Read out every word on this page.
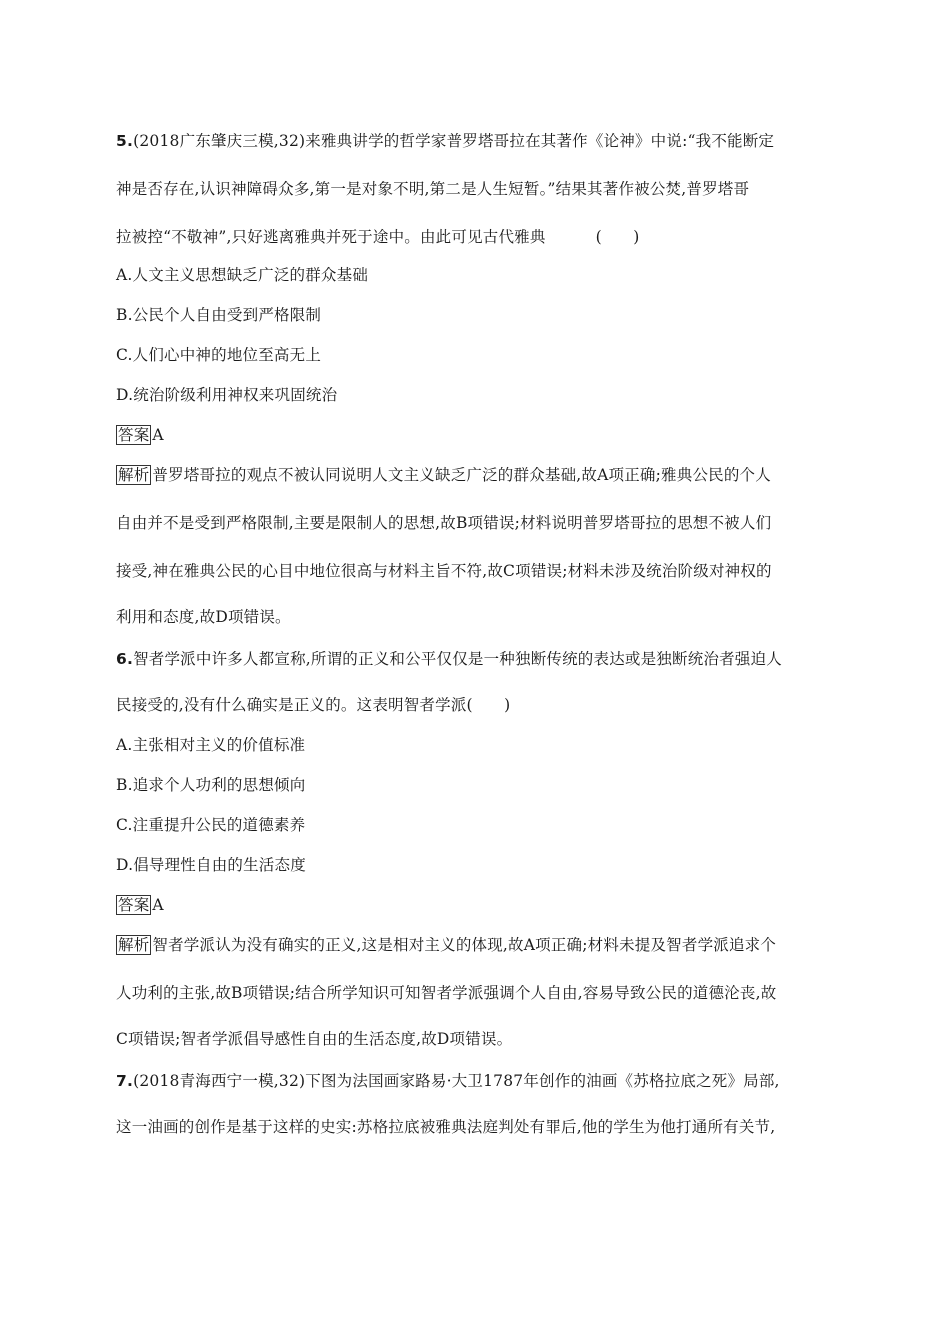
5.(2018广东肇庆三模,32)来雅典讲学的哲学家普罗塔哥拉在其著作《论神》中说:“我不能断定
神是否存在,认识神障碍众多,第一是对象不明,第二是人生短暂。”结果其著作被公焚,普罗塔哥
拉被控“不敬神”,只好逃离雅典并死于途中。由此可见古代雅典	(　　)
A.人文主义思想缺乏广泛的群众基础
B.公民个人自由受到严格限制
C.人们心中神的地位至高无上
D.统治阶级利用神权来巩固统治
答案 A
解析 普罗塔哥拉的观点不被认同说明人文主义缺乏广泛的群众基础,故A项正确;雅典公民的个人
自由并不是受到严格限制,主要是限制人的思想,故B项错误;材料说明普罗塔哥拉的思想不被人们
接受,神在雅典公民的心目中地位很高与材料主旨不符,故C项错误;材料未涉及统治阶级对神权的
利用和态度,故D项错误。
6.智者学派中许多人都宣称,所谓的正义和公平仅仅是一种独断传统的表达或是独断统治者强迫人
民接受的,没有什么确实是正义的。这表明智者学派(　　)
A.主张相对主义的价值标准
B.追求个人功利的思想倾向
C.注重提升公民的道德素养
D.倡导理性自由的生活态度
答案 A
解析 智者学派认为没有确实的正义,这是相对主义的体现,故A项正确;材料未提及智者学派追求个
人功利的主张,故B项错误;结合所学知识可知智者学派强调个人自由,容易导致公民的道德沦丧,故
C项错误;智者学派倡导感性自由的生活态度,故D项错误。
7.(2018青海西宁一模,32)下图为法国画家路易·大卫1787年创作的油画《苏格拉底之死》局部,
这一油画的创作是基于这样的史实:苏格拉底被雅典法庭判处有罪后,他的学生为他打通所有关节,
